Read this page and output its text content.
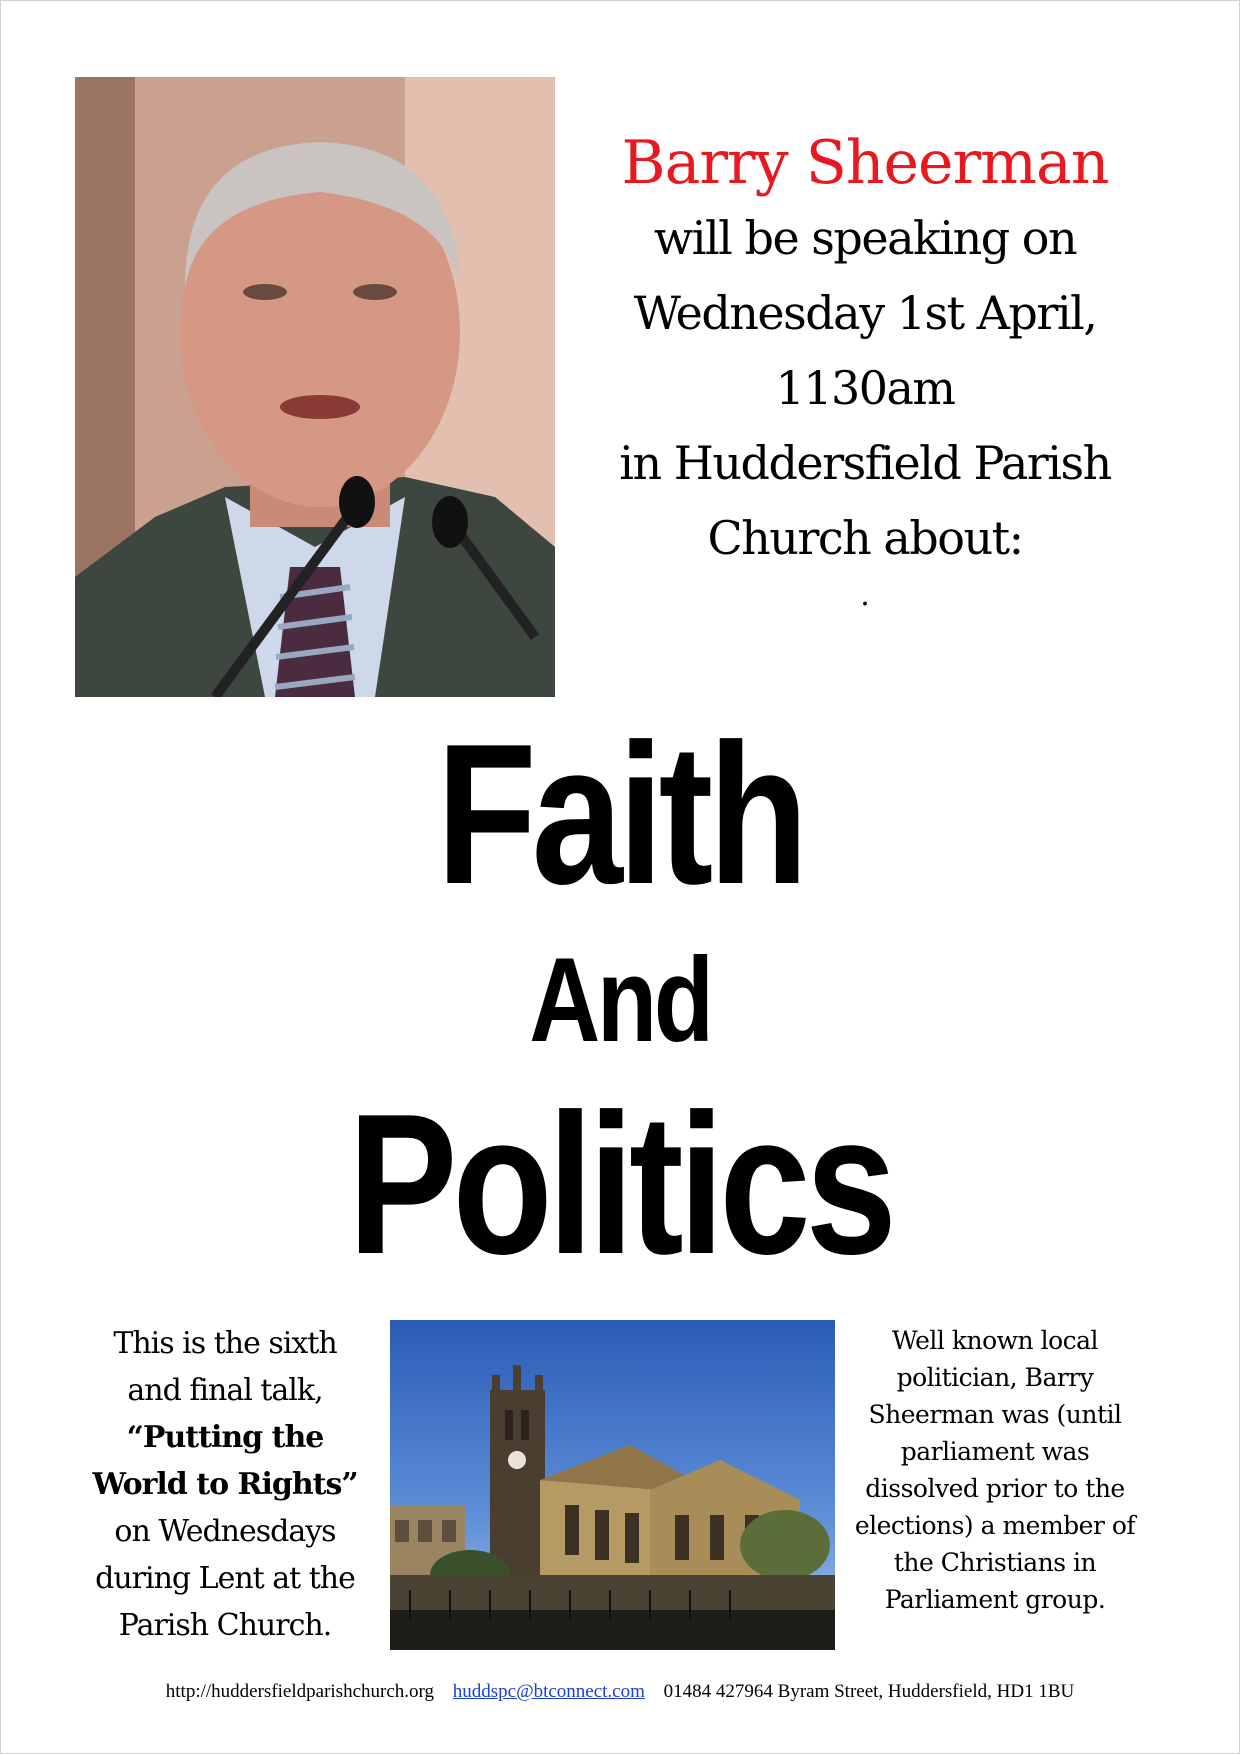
Barry Sheerman

will be speaking on

Wednesday 1st April,

1130am

in Huddersfield Parish

Church about:

.

Faith

And

Politics

This is the sixth
and final talk,
“Putting the
World to Rights”
on Wednesdays
during Lent at the
Parish Church.
Well known local
politician, Barry
Sheerman was (until
parliament was
dissolved prior to the
elections) a member of
the Christians in
Parliament group.
http://huddersfieldparishchurch.org huddspc@btconnect.com 01484 427964 Byram Street, Huddersfield, HD1 1BU
